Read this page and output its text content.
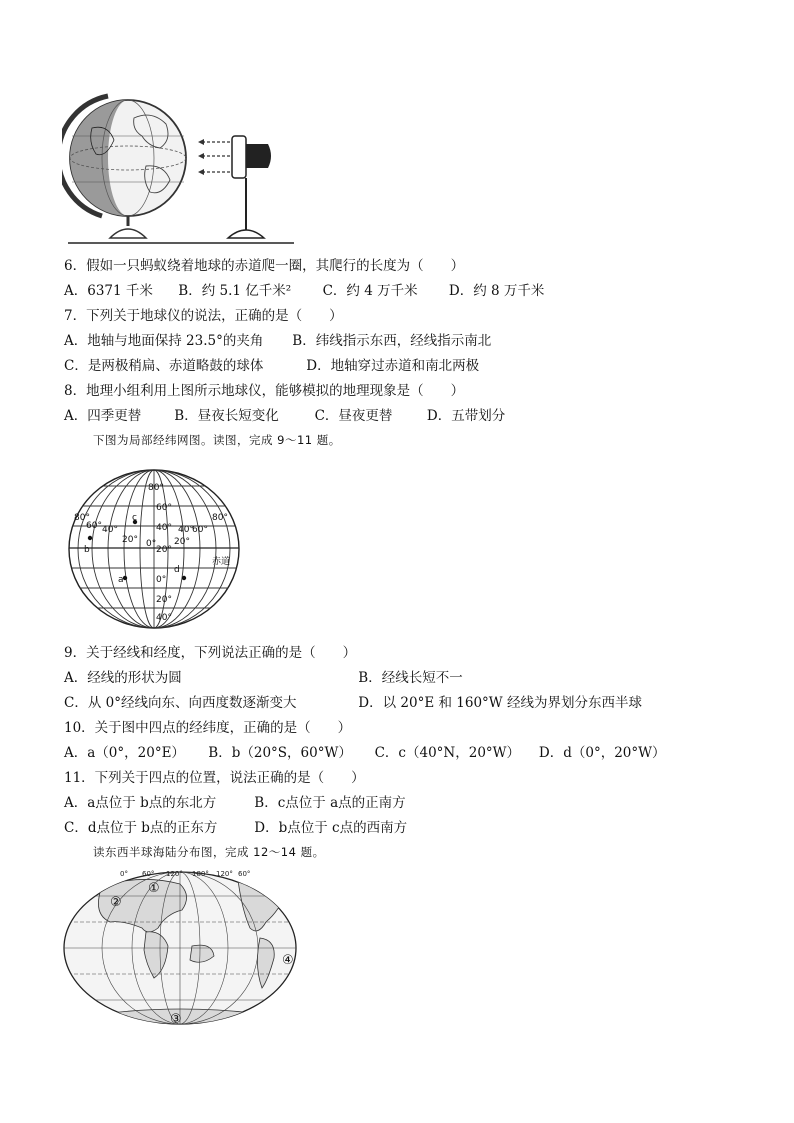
6．假如一只蚂蚁绕着地球的赤道爬一圈，其爬行的长度为（　　）
A．6371 千米 B．约 5.1 亿千米² C．约 4 万千米 D．约 8 万千米
7．下列关于地球仪的说法，正确的是（　　）
A．地轴与地面保持 23.5°的夹角 B．纬线指示东西，经线指示南北
C．是两极稍扁、赤道略鼓的球体	D．地轴穿过赤道和南北两极
8．地理小组利用上图所示地球仪，能够模拟的地理现象是（　　）
A．四季更替 B．昼夜长短变化	C．昼夜更替	D．五带划分
下图为局部经纬网图。读图，完成 9～11 题。
b
c
a
d
80°
60° 40°
20° 0° 20°
40°
60°
80°
80°
60°
40°
20°
0°
20°
40°
赤道
9．关于经线和经度，下列说法正确的是（　　）
A．经线的形状为圆	B．经线长短不一
C．从 0°经线向东、向西度数逐渐变大	D．以 20°E 和 160°W 经线为界划分东西半球
10．关于图中四点的经纬度，正确的是（　　）
A．a（0°，20°E） B．b（20°S，60°W） C．c（40°N，20°W） D．d（0°，20°W）
11．下列关于四点的位置，说法正确的是（　　）
A．a点位于 b点的东北方	B．c点位于 a点的正南方
C．d点位于 b点的正东方	D．b点位于 c点的西南方
读东西半球海陆分布图，完成 12～14 题。
0° 60° 120° 180° 120° 60°
①
②
③
④
